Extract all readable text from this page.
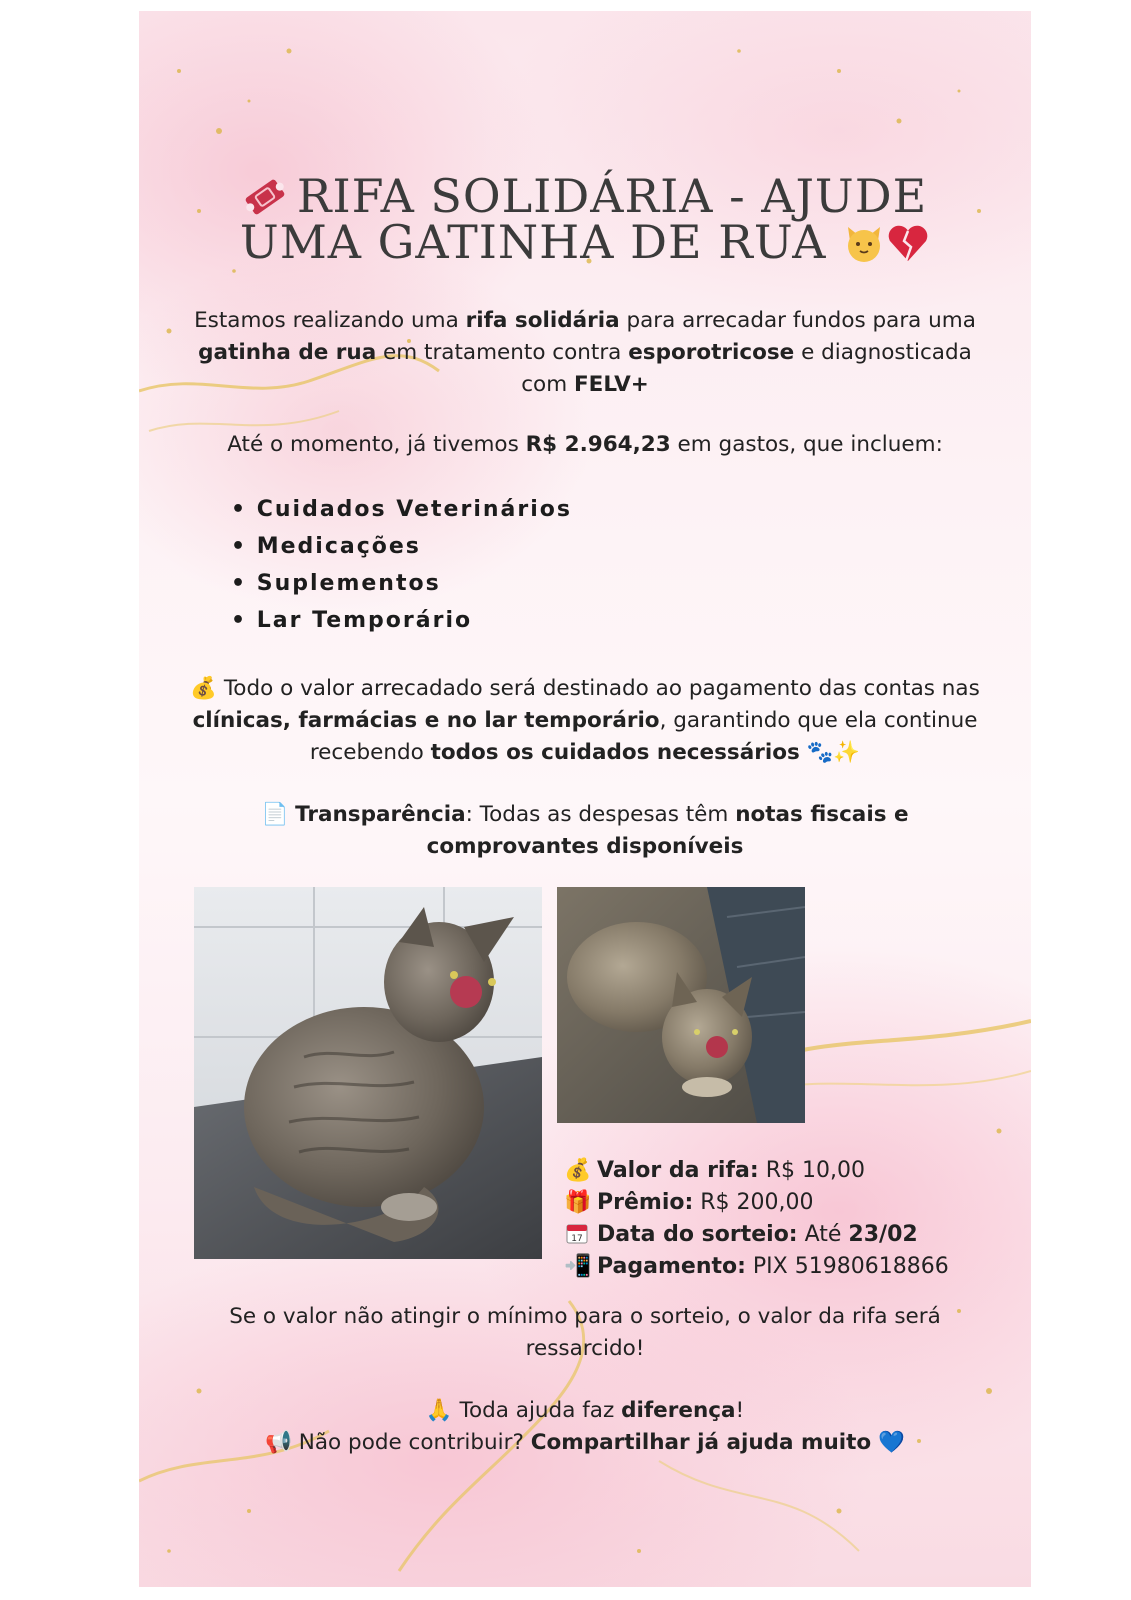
RIFA SOLIDÁRIA - AJUDE
UMA GATINHA DE RUA
Estamos realizando uma rifa solidária para arrecadar fundos para uma gatinha de rua em tratamento contra esporotricose e diagnosticada com FELV+
Até o momento, já tivemos R$ 2.964,23 em gastos, que incluem:
• Cuidados Veterinários
• Medicações
• Suplementos
• Lar Temporário
💰 Todo o valor arrecadado será destinado ao pagamento das contas nas clínicas, farmácias e no lar temporário, garantindo que ela continue recebendo todos os cuidados necessários 🐾✨
📄 Transparência: Todas as despesas têm notas fiscais e comprovantes disponíveis
💰 Valor da rifa: R$ 10,00
🎁 Prêmio: R$ 200,00
17 Data do sorteio: Até 23/02
📲 Pagamento: PIX 51980618866
Se o valor não atingir o mínimo para o sorteio, o valor da rifa será ressarcido!
🙏 Toda ajuda faz diferença!
📢 Não pode contribuir? Compartilhar já ajuda muito 💙
